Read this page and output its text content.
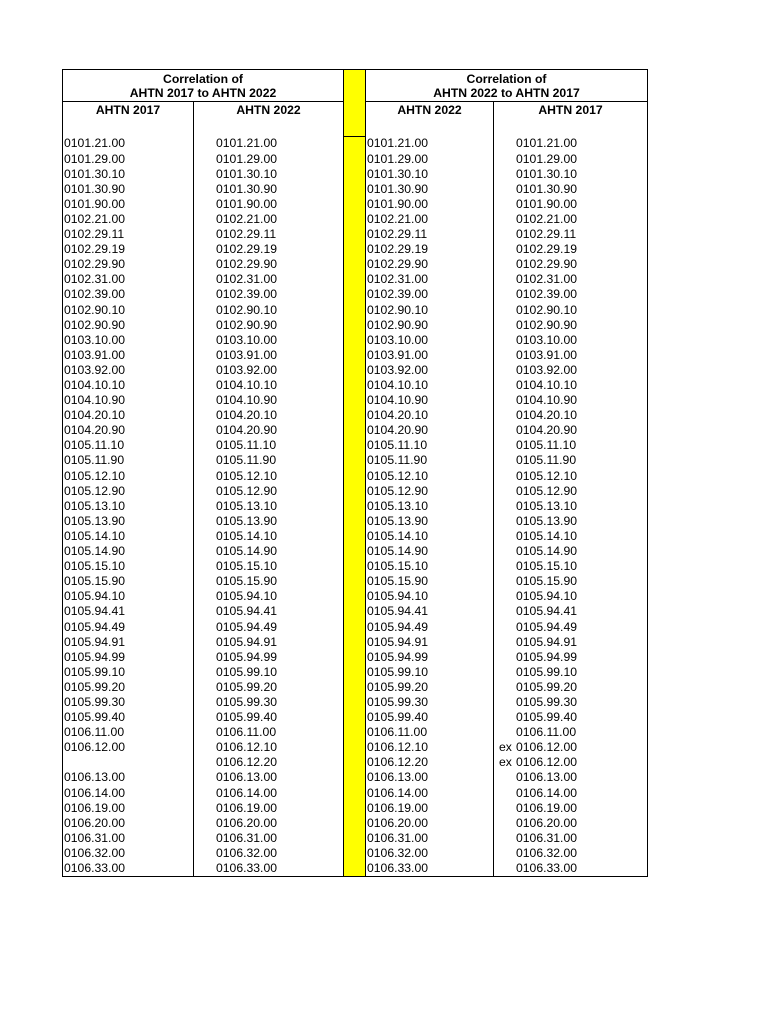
Correlation of
AHTN 2017 to AHTN 2022			Correlation of
AHTN 2022 to AHTN 2017	

AHTN 2017	AHTN 2022		AHTN 2022	AHTN 2017

0101.21.00	0101.21.00		0101.21.00	0101.21.00
0101.29.00	0101.29.00		0101.29.00	0101.29.00
0101.30.10	0101.30.10		0101.30.10	0101.30.10
0101.30.90	0101.30.90		0101.30.90	0101.30.90
0101.90.00	0101.90.00		0101.90.00	0101.90.00
0102.21.00	0102.21.00		0102.21.00	0102.21.00
0102.29.11	0102.29.11		0102.29.11	0102.29.11
0102.29.19	0102.29.19		0102.29.19	0102.29.19
0102.29.90	0102.29.90		0102.29.90	0102.29.90
0102.31.00	0102.31.00		0102.31.00	0102.31.00
0102.39.00	0102.39.00		0102.39.00	0102.39.00
0102.90.10	0102.90.10		0102.90.10	0102.90.10
0102.90.90	0102.90.90		0102.90.90	0102.90.90
0103.10.00	0103.10.00		0103.10.00	0103.10.00
0103.91.00	0103.91.00		0103.91.00	0103.91.00
0103.92.00	0103.92.00		0103.92.00	0103.92.00
0104.10.10	0104.10.10		0104.10.10	0104.10.10
0104.10.90	0104.10.90		0104.10.90	0104.10.90
0104.20.10	0104.20.10		0104.20.10	0104.20.10
0104.20.90	0104.20.90		0104.20.90	0104.20.90
0105.11.10	0105.11.10		0105.11.10	0105.11.10
0105.11.90	0105.11.90		0105.11.90	0105.11.90
0105.12.10	0105.12.10		0105.12.10	0105.12.10
0105.12.90	0105.12.90		0105.12.90	0105.12.90
0105.13.10	0105.13.10		0105.13.10	0105.13.10
0105.13.90	0105.13.90		0105.13.90	0105.13.90
0105.14.10	0105.14.10		0105.14.10	0105.14.10
0105.14.90	0105.14.90		0105.14.90	0105.14.90
0105.15.10	0105.15.10		0105.15.10	0105.15.10
0105.15.90	0105.15.90		0105.15.90	0105.15.90
0105.94.10	0105.94.10		0105.94.10	0105.94.10
0105.94.41	0105.94.41		0105.94.41	0105.94.41
0105.94.49	0105.94.49		0105.94.49	0105.94.49
0105.94.91	0105.94.91		0105.94.91	0105.94.91
0105.94.99	0105.94.99		0105.94.99	0105.94.99
0105.99.10	0105.99.10		0105.99.10	0105.99.10
0105.99.20	0105.99.20		0105.99.20	0105.99.20
0105.99.30	0105.99.30		0105.99.30	0105.99.30
0105.99.40	0105.99.40		0105.99.40	0105.99.40
0106.11.00	0106.11.00		0106.11.00	0106.11.00
0106.12.00	0106.12.10		0106.12.10	ex 0106.12.00
	0106.12.20		0106.12.20	ex 0106.12.00
0106.13.00	0106.13.00		0106.13.00	0106.13.00
0106.14.00	0106.14.00		0106.14.00	0106.14.00
0106.19.00	0106.19.00		0106.19.00	0106.19.00
0106.20.00	0106.20.00		0106.20.00	0106.20.00
0106.31.00	0106.31.00		0106.31.00	0106.31.00
0106.32.00	0106.32.00		0106.32.00	0106.32.00
0106.33.00	0106.33.00		0106.33.00	0106.33.00
